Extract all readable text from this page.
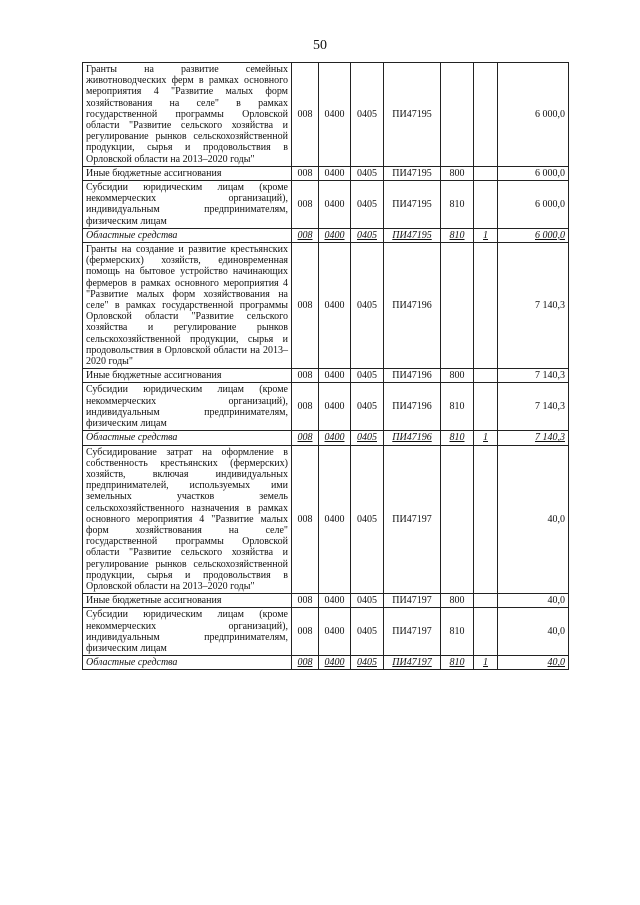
50
Гранты на развитие семейных животноводческих ферм в рамках основного мероприятия 4 "Развитие малых форм хозяйствования на селе" в рамках государственной программы Орловской области "Развитие сельского хозяйства и регулирование рынков сельскохозяйственной продукции, сырья и продовольствия в Орловской области на 2013–2020 годы"	008	0400	0405	ПИ47195			6 000,0
Иные бюджетные ассигнования	008	0400	0405	ПИ47195	800		6 000,0
Субсидии юридическим лицам (кроме некоммерческих организаций), индивидуальным предпринимателям, физическим лицам	008	0400	0405	ПИ47195	810		6 000,0
Областные средства	008	0400	0405	ПИ47195	810	1	6 000,0
Гранты на создание и развитие крестьянских (фермерских) хозяйств, единовременная помощь на бытовое устройство начинающих фермеров в рамках основного мероприятия 4 "Развитие малых форм хозяйствования на селе" в рамках государственной программы Орловской области "Развитие сельского хозяйства и регулирование рынков сельскохозяйственной продукции, сырья и продовольствия в Орловской области на 2013–2020 годы"	008	0400	0405	ПИ47196			7 140,3
Иные бюджетные ассигнования	008	0400	0405	ПИ47196	800		7 140,3
Субсидии юридическим лицам (кроме некоммерческих организаций), индивидуальным предпринимателям, физическим лицам	008	0400	0405	ПИ47196	810		7 140,3
Областные средства	008	0400	0405	ПИ47196	810	1	7 140,3
Субсидирование затрат на оформление в собственность крестьянских (фермерских) хозяйств, включая индивидуальных предпринимателей, используемых ими земельных участков земель сельскохозяйственного назначения в рамках основного мероприятия 4 "Развитие малых форм хозяйствования на селе" государственной программы Орловской области "Развитие сельского хозяйства и регулирование рынков сельскохозяйственной продукции, сырья и продовольствия в Орловской области на 2013–2020 годы"	008	0400	0405	ПИ47197			40,0
Иные бюджетные ассигнования	008	0400	0405	ПИ47197	800		40,0
Субсидии юридическим лицам (кроме некоммерческих организаций), индивидуальным предпринимателям, физическим лицам	008	0400	0405	ПИ47197	810		40,0
Областные средства	008	0400	0405	ПИ47197	810	1	40,0
